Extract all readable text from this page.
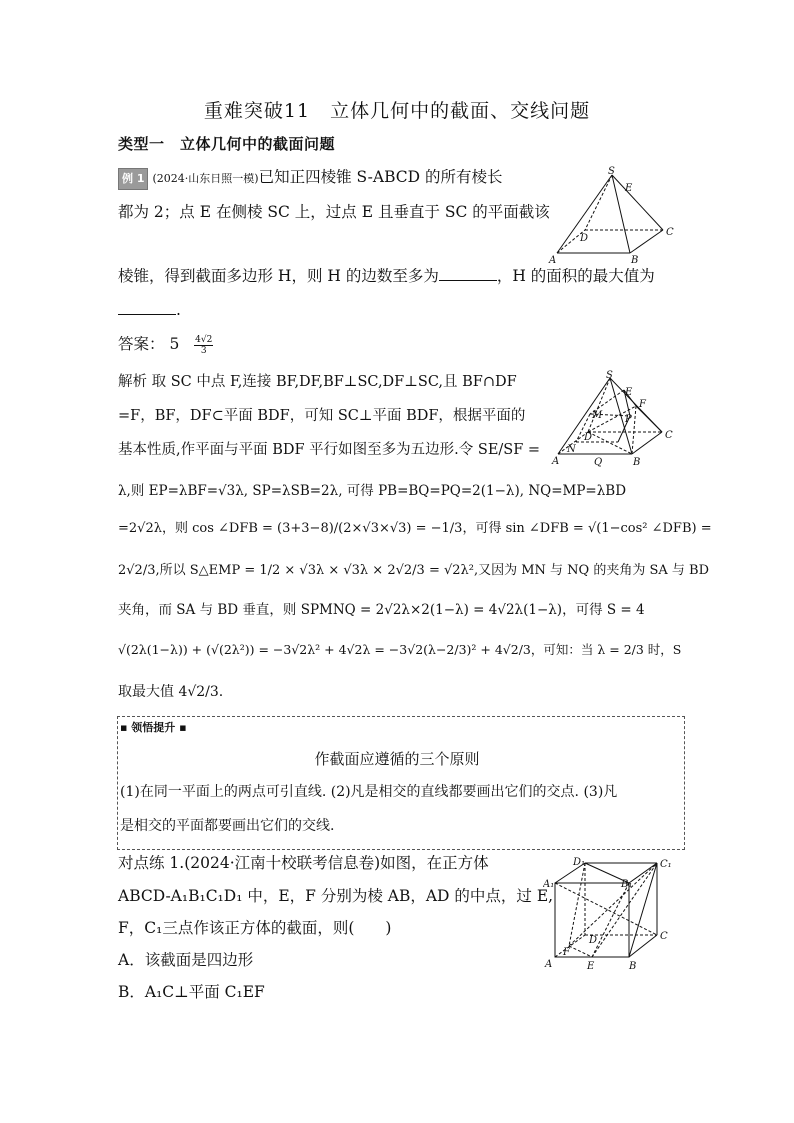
重难突破11　立体几何中的截面、交线问题
类型一　立体几何中的截面问题
例 1 (2024·山东日照一模)已知正四棱锥 S-ABCD 的所有棱长
都为 2；点 E 在侧棱 SC 上，过点 E 且垂直于 SC 的平面截该
棱锥，得到截面多边形 H，则 H 的边数至多为	，H 的面积的最大值为
.
答案： $5 \frac{4√2}{3}$
解析 取 SC 中点 F,连接 BF,DF,BF⊥SC,DF⊥SC,且 BF∩DF
=F，BF，DF⊂平面 BDF，可知 SC⊥平面 BDF，根据平面的
基本性质,作平面与平面 BDF 平行如图至多为五边形.令 SE/SF =
λ,则 EP=λBF=√3λ, SP=λSB=2λ, 可得 PB=BQ=PQ=2(1−λ), NQ=MP=λBD
=2√2λ，则 cos ∠DFB = (3+3−8)/(2×√3×√3) = −1/3，可得 sin ∠DFB = √(1−cos² ∠DFB) =
2√2/3,所以 S△EMP = 1/2 × √3λ × √3λ × 2√2/3 = √2λ²,又因为 MN 与 NQ 的夹角为 SA 与 BD
夹角，而 SA 与 BD 垂直，则 SPMNQ = 2√2λ×2(1−λ) = 4√2λ(1−λ)，可得 S = 4
√(2λ(1−λ)) + (√(2λ²)) = −3√2λ² + 4√2λ = −3√2(λ−2/3)² + 4√2/3，可知：当 λ = 2/3 时，S
取最大值 4√2/3.
▪ 领悟提升 ▪
作截面应遵循的三个原则
(1)在同一平面上的两点可引直线. (2)凡是相交的直线都要画出它们的交点. (3)凡
是相交的平面都要画出它们的交线.
对点练 1.(2024·江南十校联考信息卷)如图，在正方体
ABCD-A₁B₁C₁D₁ 中，E，F 分别为棱 AB，AD 的中点，过 E,
F，C₁三点作该正方体的截面，则(　　)
A．该截面是四边形
B．A₁C⊥平面 C₁EF
S
E
C
D
A	B
S
E
F
M P
D	C
N
A	Q	B
D₁	C₁
A₁	B₁
D	C
A
F
E	B
